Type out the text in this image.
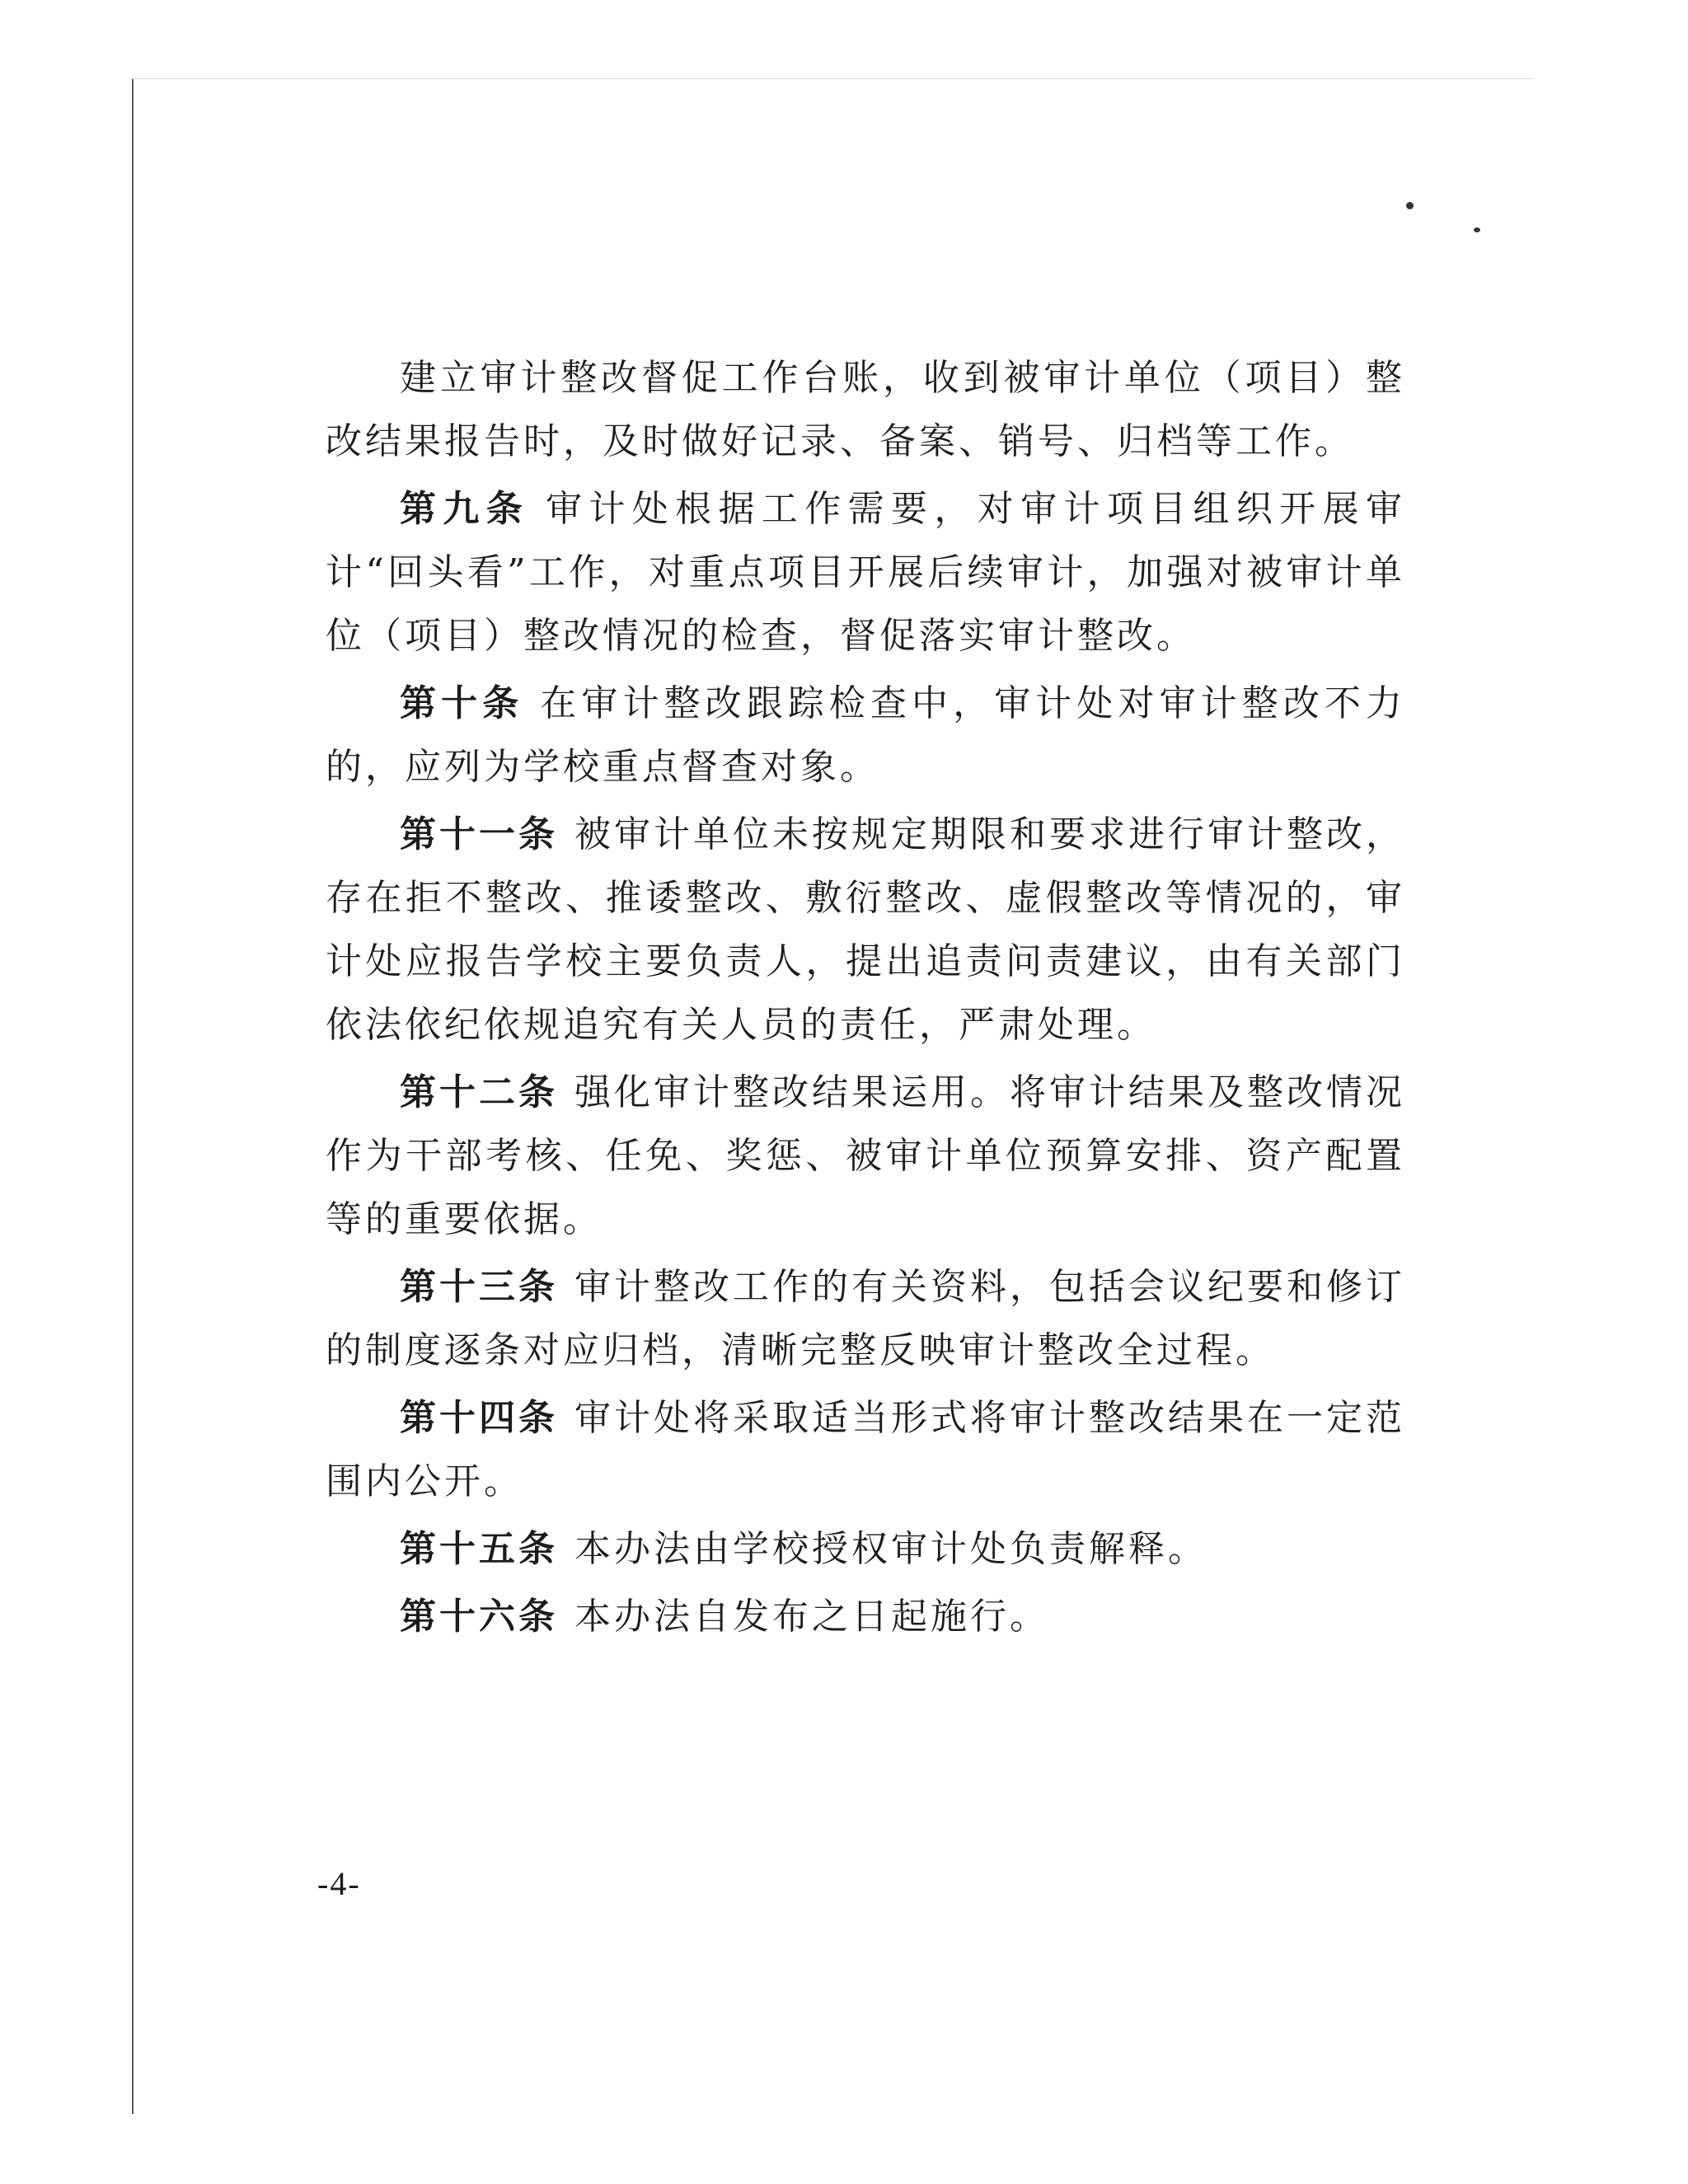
建立审计整改督促工作台账，收到被审计单位（项目）整改结果报告时，及时做好记录、备案、销号、归档等工作。

第九条 审计处根据工作需要，对审计项目组织开展审计“回头看”工作，对重点项目开展后续审计，加强对被审计单位（项目）整改情况的检查，督促落实审计整改。

第十条 在审计整改跟踪检查中，审计处对审计整改不力的，应列为学校重点督查对象。

第十一条 被审计单位未按规定期限和要求进行审计整改，存在拒不整改、推诿整改、敷衍整改、虚假整改等情况的，审计处应报告学校主要负责人，提出追责问责建议，由有关部门依法依纪依规追究有关人员的责任，严肃处理。

第十二条 强化审计整改结果运用。将审计结果及整改情况作为干部考核、任免、奖惩、被审计单位预算安排、资产配置等的重要依据。

第十三条 审计整改工作的有关资料，包括会议纪要和修订的制度逐条对应归档，清晰完整反映审计整改全过程。

第十四条 审计处将采取适当形式将审计整改结果在一定范围内公开。

第十五条 本办法由学校授权审计处负责解释。

第十六条 本办法自发布之日起施行。

-4-
